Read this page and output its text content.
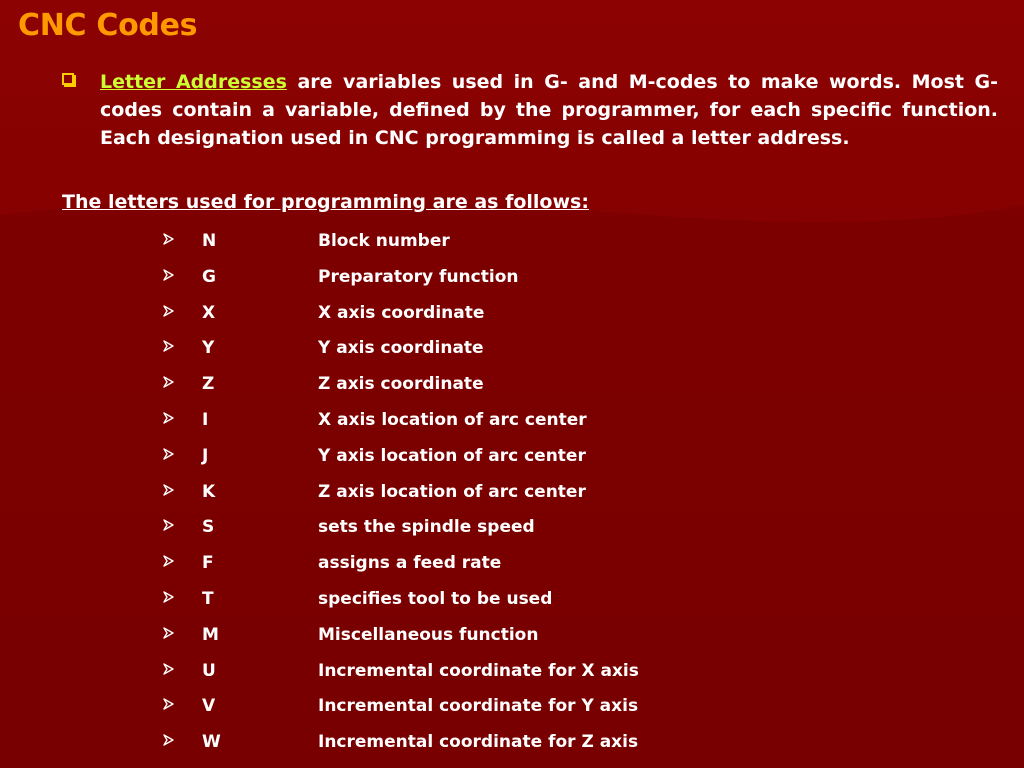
CNC Codes
Letter Addresses are variables used in G- and M-codes to make words. Most G-codes contain a variable, defined by the programmer, for each specific function. Each designation used in CNC programming is called a letter address.
The letters used for programming are as follows:
N	Block number
G	Preparatory function
X	X axis coordinate
Y	Y axis coordinate
Z	Z axis coordinate
I	X axis location of arc center
J	Y axis location of arc center
K	Z axis location of arc center
S	sets the spindle speed
F	assigns a feed rate
T	specifies tool to be used
M	Miscellaneous function
U	Incremental coordinate for X axis
V	Incremental coordinate for Y axis
W	Incremental coordinate for Z axis
